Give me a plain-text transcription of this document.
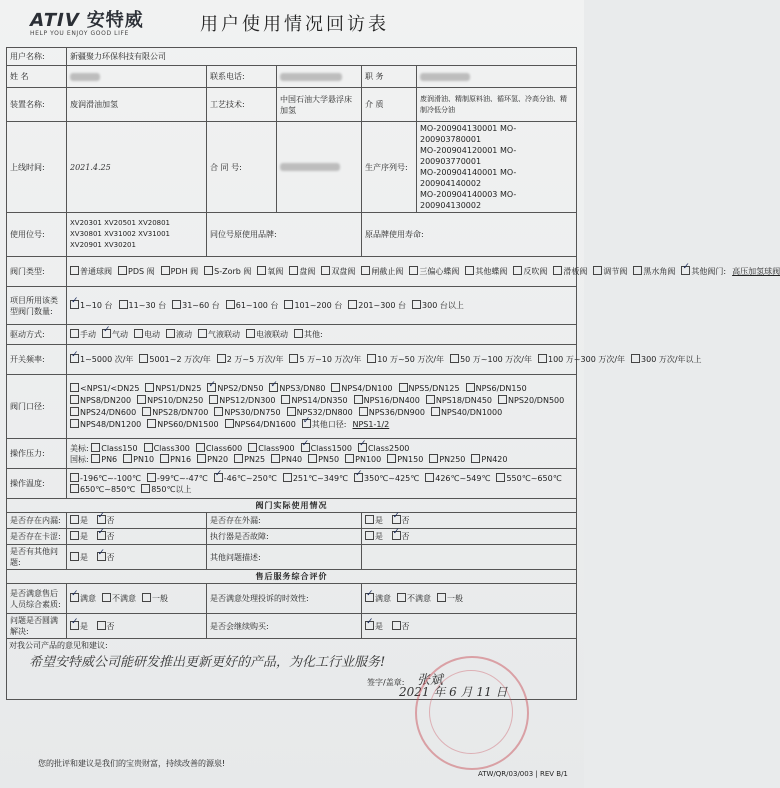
ATIV 安特威
HELP YOU ENJOY GOOD LIFE	用户使用情况回访表
用户名称:	新疆聚力环保科技有限公司				
姓 名		联系电话:		职 务	
装置名称:	废润滑油加氢	工艺技术:	中国石油大学悬浮床加氢	介 质	废润滑油、精制原料油、循环氢、冷高分油、精制冷低分油
上线时间:	2021.4.25	合 同 号:		生产序列号:	MO-200904130001 MO-200903780001
MO-200904120001 MO-200903770001
MO-200904140001 MO-200904140002
MO-200904140003 MO-200904130002
使用位号:	XV20301 XV20501 XV20801 XV30801 XV31002 XV31001 XV20901 XV30201	同位号原使用品牌:		原品牌使用寿命:	
阀门类型:	普通球阀 PDS 阀 PDH 阀 S-Zorb 阀 氧阀 盘阀 双盘阀 闸截止阀 三偏心蝶阀 其他蝶阀 反吹阀 滑板阀 调节阀 黑水角阀 ✓ 其他阀门: 高压加氢球阀
项目所用该类型阀门数量:	✓1~10 台 11~30 台 31~60 台 61~100 台 101~200 台 201~300 台 300 台以上
驱动方式:	手动 ✓ 气动 电动 液动 气液联动 电液联动 其他:
开关频率:	✓1~5000 次/年 5001~2 万次/年 2 万~5 万次/年 5 万~10 万次/年 10 万~50 万次/年 50 万~100 万次/年 100 万~300 万次/年 300 万次/年以上
阀门口径:	<NPS1/<DN25 NPS1/DN25 ✓ NPS2/DN50 ✓ NPS3/DN80 NPS4/DN100 NPS5/DN125 NPS6/DN150NPS8/DN200 NPS10/DN250 NPS12/DN300 NPS14/DN350 NPS16/DN400 NPS18/DN450 NPS20/DN500NPS24/DN600 NPS28/DN700 NPS30/DN750 NPS32/DN800 NPS36/DN900 NPS40/DN1000NPS48/DN1200 NPS60/DN1500 NPS64/DN1600 ✓ 其他口径: NPS1-1/2
操作压力:	美标: Class150 Class300 Class600 Class900 ✓ Class1500 ✓ Class2500
国标: PN6 PN10 PN16 PN20 PN25 PN40 PN50 PN100 PN150 PN250 PN420
操作温度:	-196℃~-100℃ -99℃~-47℃ ✓ -46℃~250℃ 251℃~349℃ ✓ 350℃~425℃ 426℃~549℃ 550℃~650℃650℃~850℃ 850℃以上
阀门实际使用情况					
是否存在内漏:	是 ✓ 否	是否存在外漏:		是 ✓ 否
是否存在卡涩:	是 ✓ 否	执行器是否故障:		是 ✓ 否
是否有其他问题:	是 ✓ 否	其他问题描述:			
售后服务综合评价					
是否满意售后人员综合素质:	✓满意 不满意 一般	是否满意处理投诉的时效性:	✓满意 不满意 一般
问题是否圆满解决:	✓是 否	是否会继续购买:	✓是 否

对我公司产品的意见和建议:
希望安特威公司能研发推出更新更好的产品，为化工行业服务!
签字/盖章: 张斌
2021 年 6 月 11 日					
您的批评和建议是我们的宝贵财富，持续改善的源泉!
ATW/QR/03/003 | REV B/1
